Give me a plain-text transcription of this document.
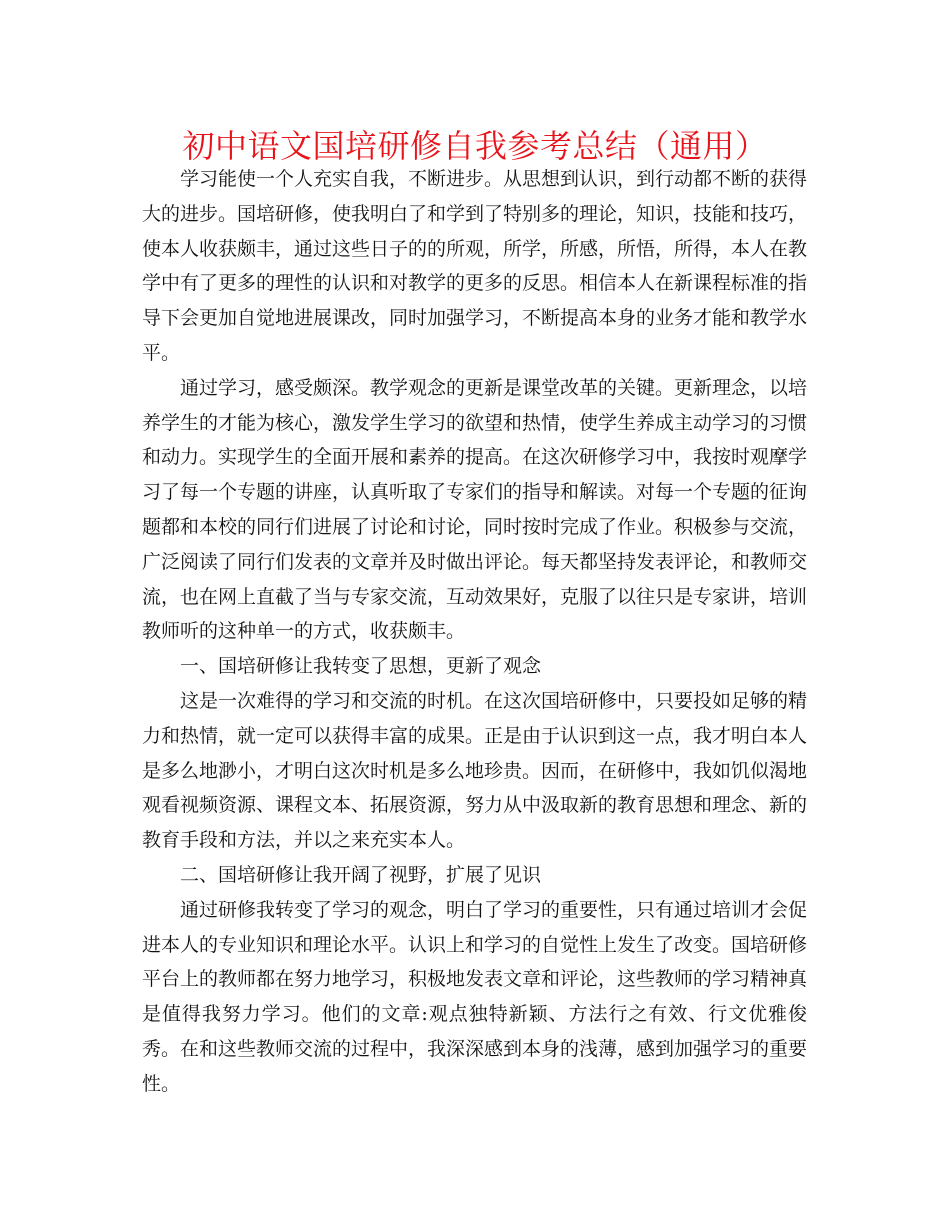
初中语文国培研修自我参考总结（通用）

学习能使一个人充实自我，不断进步。从思想到认识，到行动都不断的获得大的进步。国培研修，使我明白了和学到了特别多的理论，知识，技能和技巧，使本人收获颇丰，通过这些日子的的所观，所学，所感，所悟，所得，本人在教学中有了更多的理性的认识和对教学的更多的反思。相信本人在新课程标准的指导下会更加自觉地进展课改，同时加强学习，不断提高本身的业务才能和教学水平。

通过学习，感受颇深。教学观念的更新是课堂改革的关键。更新理念，以培养学生的才能为核心，激发学生学习的欲望和热情，使学生养成主动学习的习惯和动力。实现学生的全面开展和素养的提高。在这次研修学习中，我按时观摩学习了每一个专题的讲座，认真听取了专家们的指导和解读。对每一个专题的征询题都和本校的同行们进展了讨论和讨论，同时按时完成了作业。积极参与交流，广泛阅读了同行们发表的文章并及时做出评论。每天都坚持发表评论，和教师交流，也在网上直截了当与专家交流，互动效果好，克服了以往只是专家讲，培训教师听的这种单一的方式，收获颇丰。

一、国培研修让我转变了思想，更新了观念

这是一次难得的学习和交流的时机。在这次国培研修中，只要投如足够的精力和热情，就一定可以获得丰富的成果。正是由于认识到这一点，我才明白本人是多么地渺小，才明白这次时机是多么地珍贵。因而，在研修中，我如饥似渴地观看视频资源、课程文本、拓展资源，努力从中汲取新的教育思想和理念、新的教育手段和方法，并以之来充实本人。

二、国培研修让我开阔了视野，扩展了见识

通过研修我转变了学习的观念，明白了学习的重要性，只有通过培训才会促进本人的专业知识和理论水平。认识上和学习的自觉性上发生了改变。国培研修平台上的教师都在努力地学习，积极地发表文章和评论，这些教师的学习精神真是值得我努力学习。他们的文章:观点独特新颖、方法行之有效、行文优雅俊秀。在和这些教师交流的过程中，我深深感到本身的浅薄，感到加强学习的重要性。
